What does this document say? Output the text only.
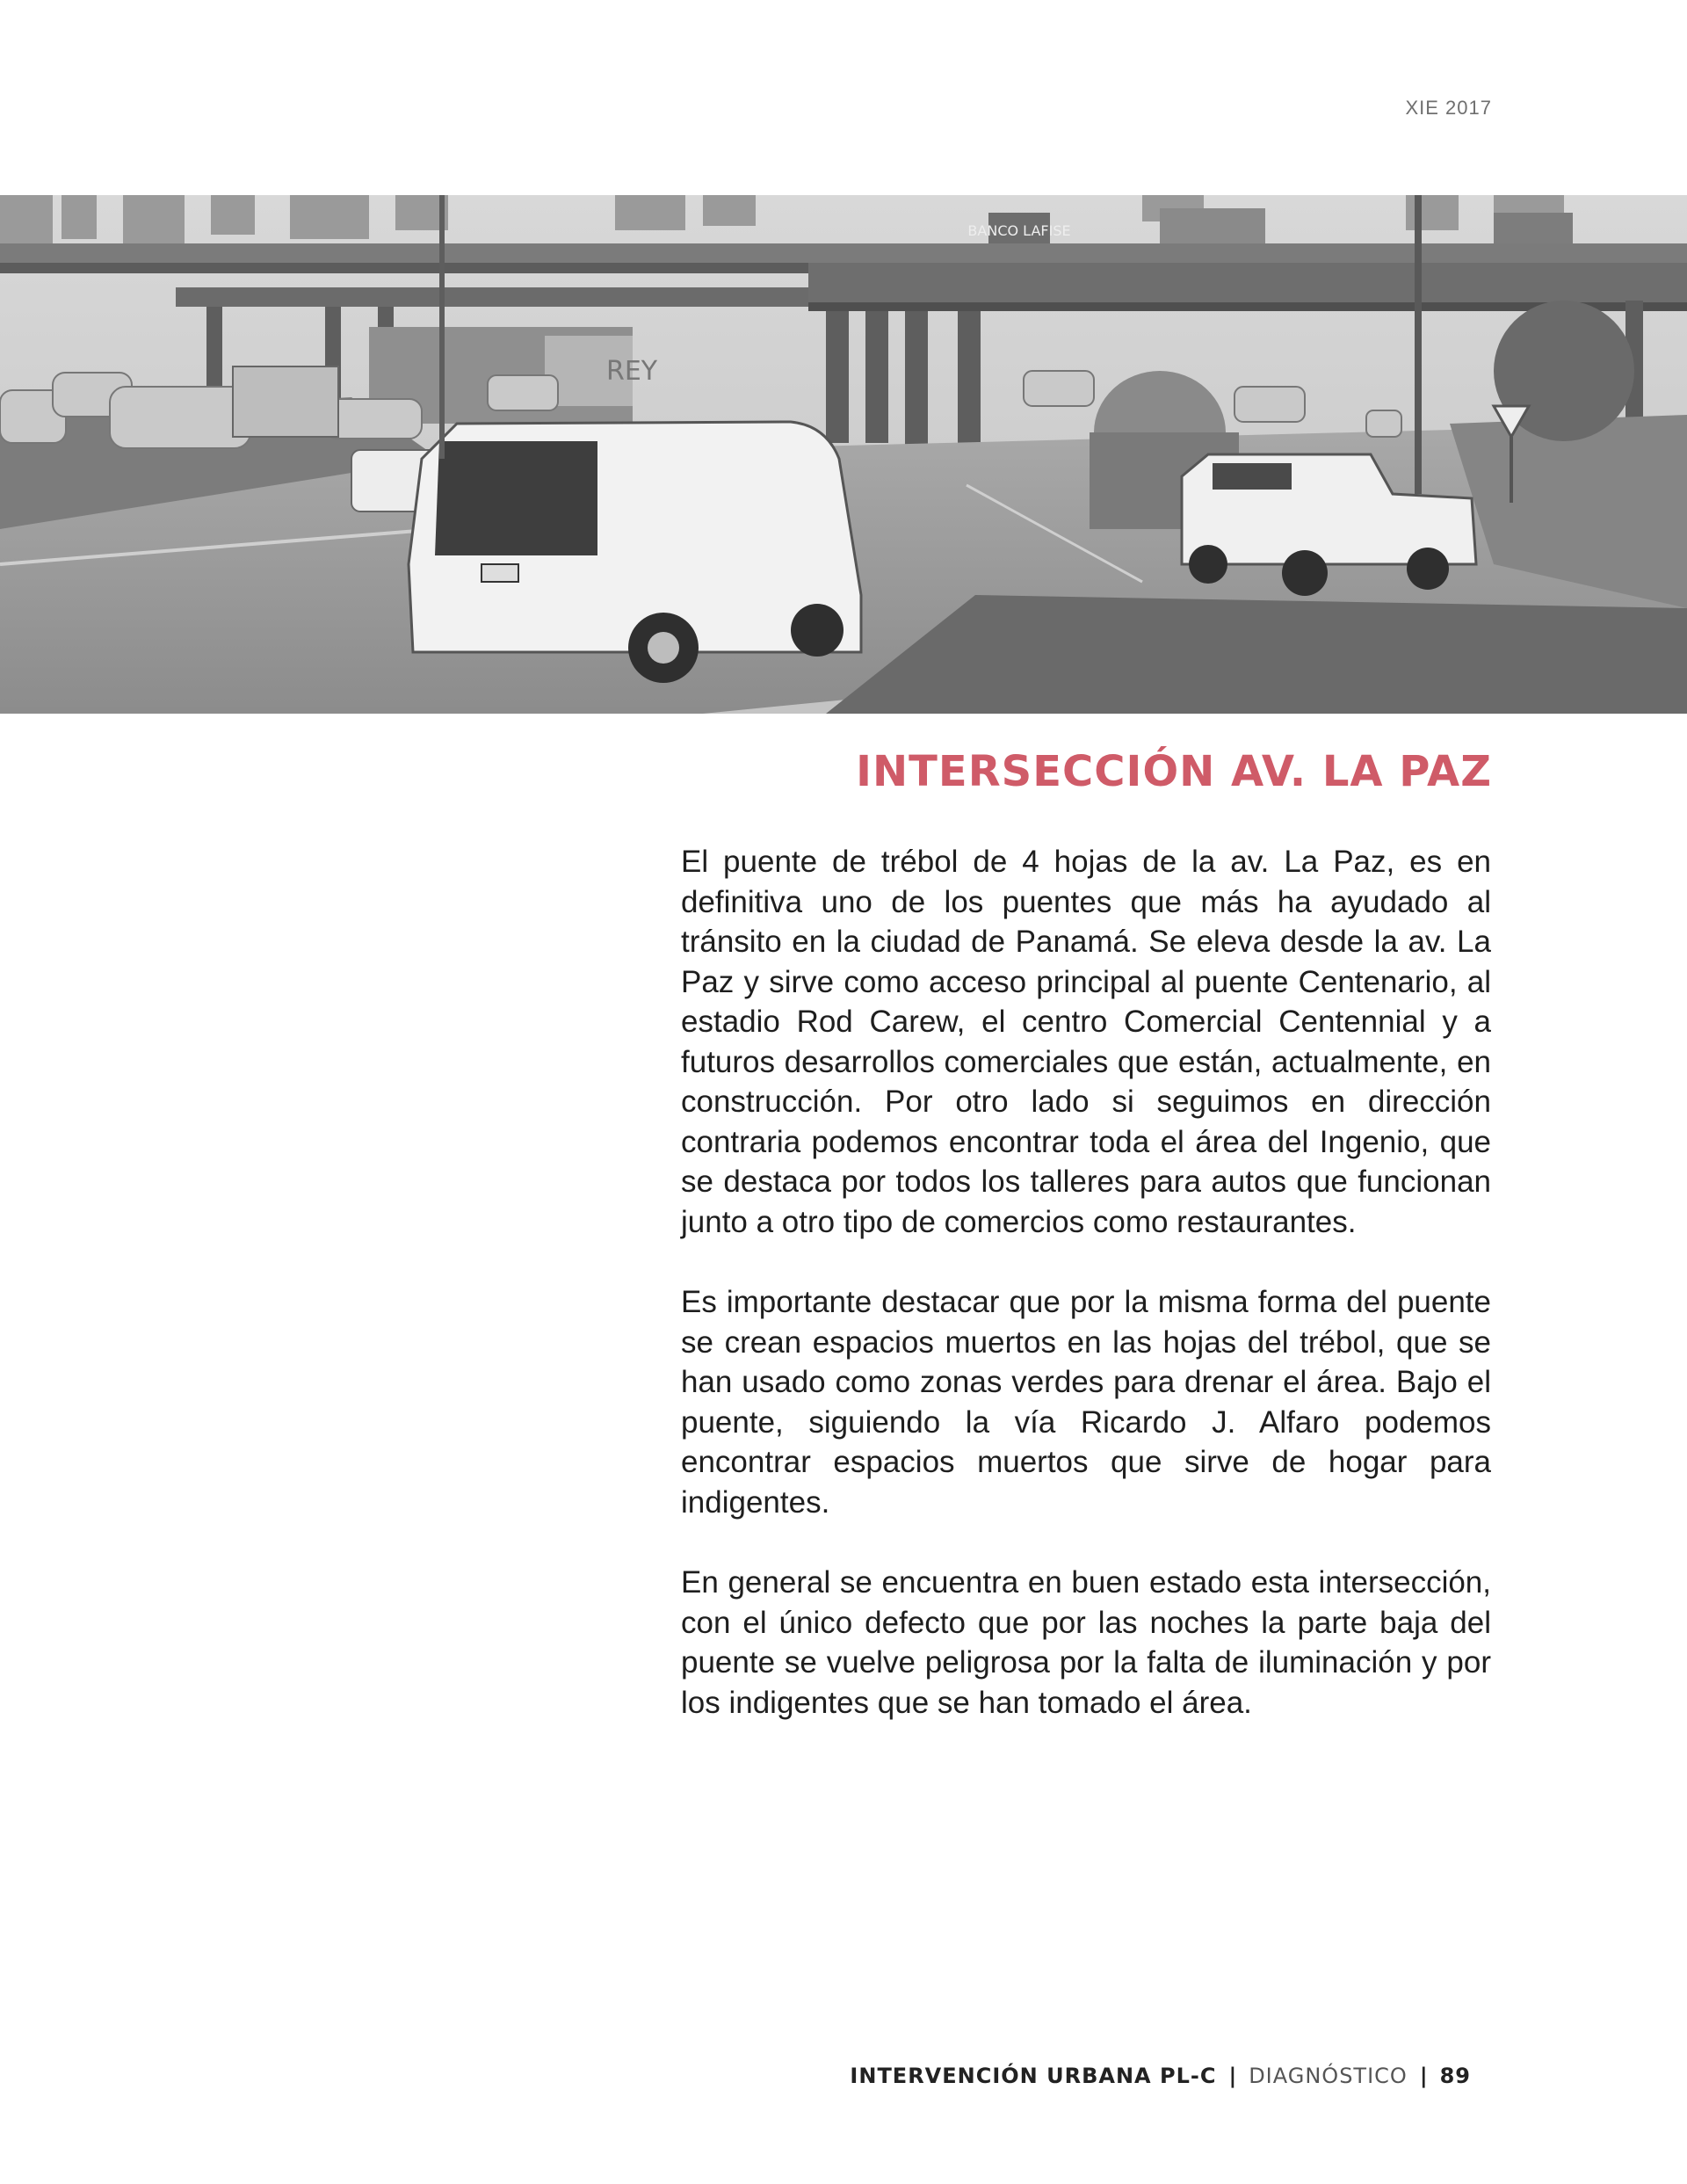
XIE 2017
BANCO LAFISE
REY
INTERSECCIÓN AV. LA PAZ

El puente de trébol de 4 hojas de la av. La Paz, es en definitiva uno de los puentes que más ha ayudado al tránsito en la ciudad de Panamá. Se eleva desde la av. La Paz y sirve como acceso principal al puente Centenario, al estadio Rod Carew, el centro Comercial Centennial y a futuros desarrollos comerciales que están, actualmente, en construcción. Por otro lado si seguimos en dirección contraria podemos encontrar toda el área del Ingenio, que se destaca por todos los talleres para autos que funcionan junto a otro tipo de comercios como restaurantes.

Es importante destacar que por la misma forma del puente se crean espacios muertos en las hojas del trébol, que se han usado como zonas verdes para drenar el área. Bajo el puente, siguiendo la vía Ricardo J. Alfaro podemos encontrar espacios muertos que sirve de hogar para indigentes.

En general se encuentra en buen estado esta intersección, con el único defecto que por las noches la parte baja del puente se vuelve peligrosa por la falta de iluminación y por los indigentes que se han tomado el área.

INTERVENCIÓN URBANA PL-C | DIAGNÓSTICO | 89
